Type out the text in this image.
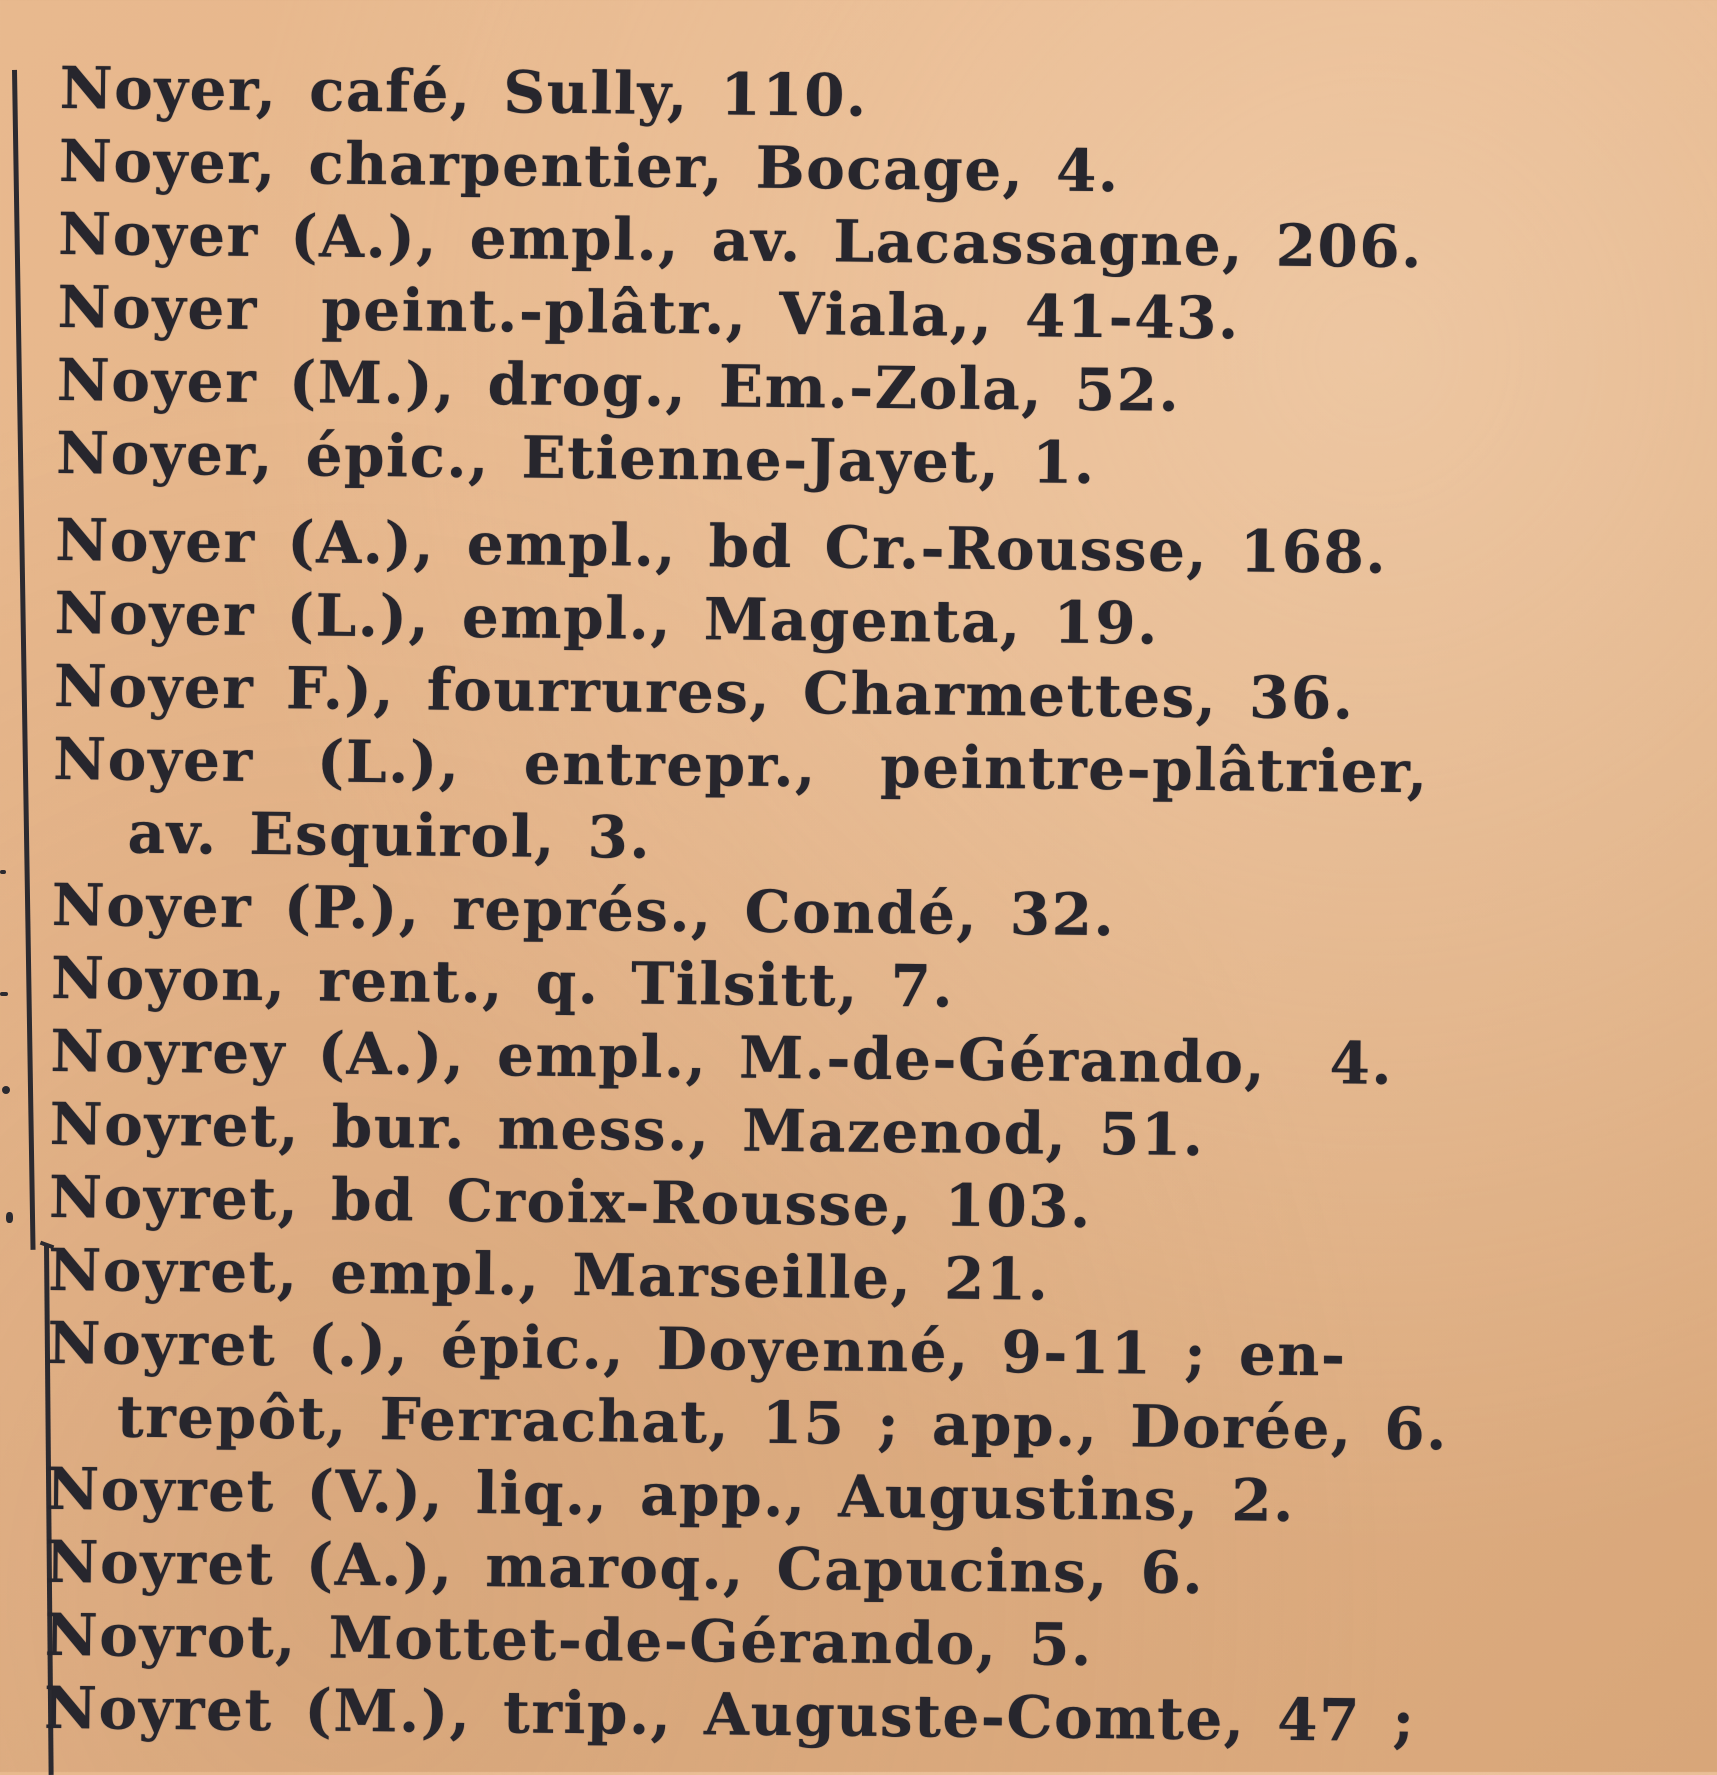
Noyer, café, Sully, 110.
Noyer, charpentier, Bocage, 4.
Noyer (A.), empl., av. Lacassagne, 206.
Noyer  peint.-plâtr., Viala,, 41-43.
Noyer (M.), drog., Em.-Zola, 52.
Noyer, épic., Etienne-Jayet, 1.
Noyer (A.), empl., bd Cr.-Rousse, 168.
Noyer (L.), empl., Magenta, 19.
Noyer F.), fourrures, Charmettes, 36.
Noyer  (L.),  entrepr.,  peintre-plâtrier,
av. Esquirol, 3.
Noyer (P.), représ., Condé, 32.
Noyon, rent., q. Tilsitt, 7.
Noyrey (A.), empl., M.-de-Gérando,  4.
Noyret, bur. mess., Mazenod, 51.
Noyret, bd Croix-Rousse, 103.
Noyret, empl., Marseille, 21.
Noyret (.), épic., Doyenné, 9-11 ; en-
trepôt, Ferrachat, 15 ; app., Dorée, 6.
Noyret (V.), liq., app., Augustins, 2.
Noyret (A.), maroq., Capucins, 6.
Noyrot, Mottet-de-Gérando, 5.
Noyret (M.), trip., Auguste-Comte, 47 ;
